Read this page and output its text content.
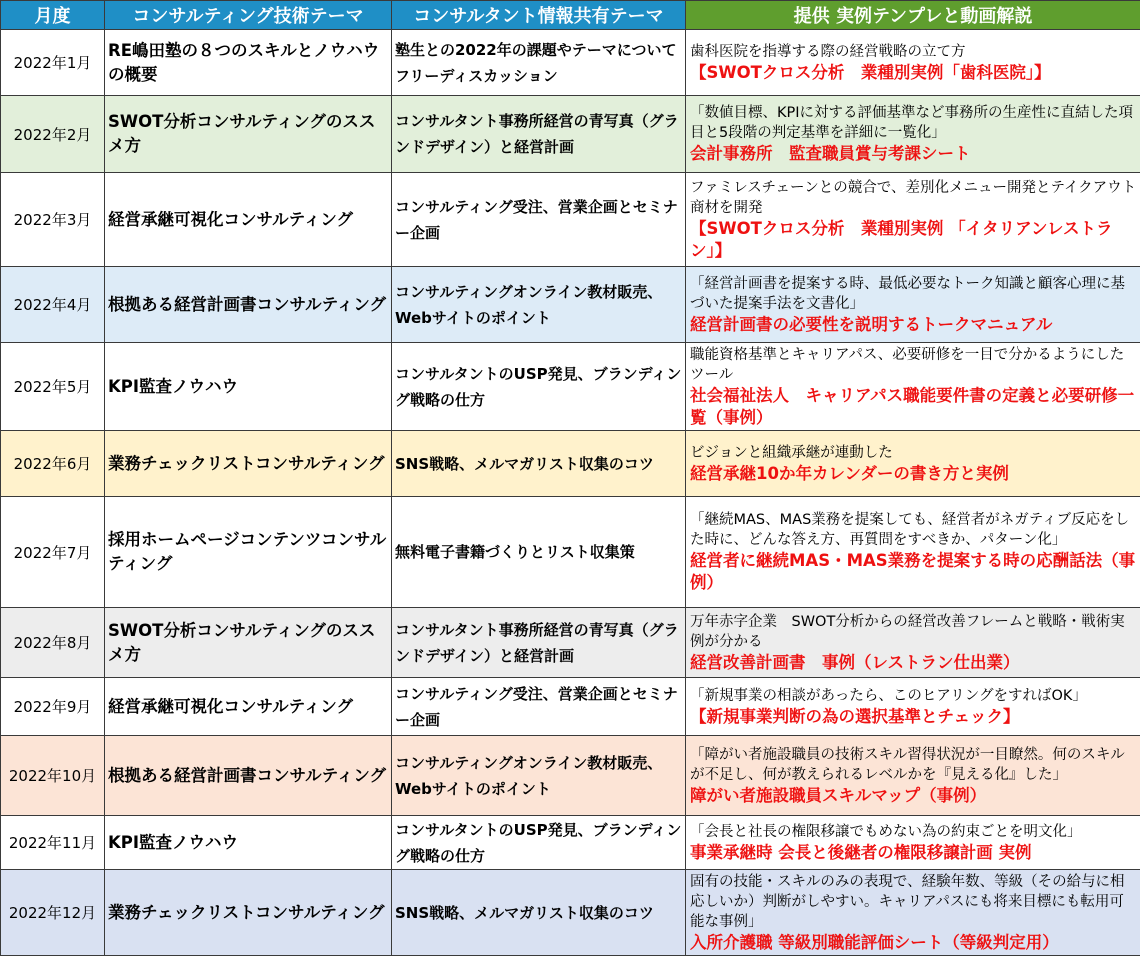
月度	コンサルティング技術テーマ	コンサルタント情報共有テーマ	提供 実例テンプレと動画解説
2022年1月	RE嶋田塾の８つのスキルとノウハウの概要	塾生との2022年の課題やテーマについてフリーディスカッション	歯科医院を指導する際の経営戦略の立て方
【SWOTクロス分析　業種別実例「歯科医院」】

2022年2月	SWOT分析コンサルティングのススメ方	コンサルタント事務所経営の青写真（グランドデザイン）と経営計画	「数値目標、KPIに対する評価基準など事務所の生産性に直結した項目と5段階の判定基準を詳細に一覧化」
会計事務所　監査職員賞与考課シート

2022年3月	経営承継可視化コンサルティング	コンサルティング受注、営業企画とセミナー企画	ファミレスチェーンとの競合で、差別化メニュー開発とテイクアウト商材を開発
【SWOTクロス分析　業種別実例 「イタリアンレストラン」】

2022年4月	根拠ある経営計画書コンサルティング	コンサルティングオンライン教材販売、Webサイトのポイント	「経営計画書を提案する時、最低必要なトーク知識と顧客心理に基づいた提案手法を文書化」
経営計画書の必要性を説明するトークマニュアル

2022年5月	KPI監査ノウハウ	コンサルタントのUSP発見、ブランディング戦略の仕方	職能資格基準とキャリアパス、必要研修を一目で分かるようにしたツール
社会福祉法人　キャリアパス職能要件書の定義と必要研修一覧（事例）

2022年6月	業務チェックリストコンサルティング	SNS戦略、メルマガリスト収集のコツ	ビジョンと組織承継が連動した
経営承継10か年カレンダーの書き方と実例

2022年7月	採用ホームページコンテンツコンサルティング	無料電子書籍づくりとリスト収集策	「継続MAS、MAS業務を提案しても、経営者がネガティブ反応をした時に、どんな答え方、再質問をすべきか、パターン化」
経営者に継続MAS・MAS業務を提案する時の応酬話法（事例）

2022年8月	SWOT分析コンサルティングのススメ方	コンサルタント事務所経営の青写真（グランドデザイン）と経営計画	万年赤字企業　SWOT分析からの経営改善フレームと戦略・戦術実例が分かる
経営改善計画書　事例（レストラン仕出業）

2022年9月	経営承継可視化コンサルティング	コンサルティング受注、営業企画とセミナー企画	「新規事業の相談があったら、このヒアリングをすればOK」
【新規事業判断の為の選択基準とチェック】

2022年10月	根拠ある経営計画書コンサルティング	コンサルティングオンライン教材販売、Webサイトのポイント	「障がい者施設職員の技術スキル習得状況が一目瞭然。何のスキルが不足し、何が教えられるレベルかを『見える化』した」
障がい者施設職員スキルマップ（事例）

2022年11月	KPI監査ノウハウ	コンサルタントのUSP発見、ブランディング戦略の仕方	「会長と社長の権限移譲でもめない為の約束ごとを明文化」
事業承継時 会長と後継者の権限移譲計画 実例

2022年12月	業務チェックリストコンサルティング	SNS戦略、メルマガリスト収集のコツ	固有の技能・スキルのみの表現で、経験年数、等級（その給与に相応しいか）判断がしやすい。キャリアパスにも将来目標にも転用可能な事例」
入所介護職 等級別職能評価シート（等級判定用）
